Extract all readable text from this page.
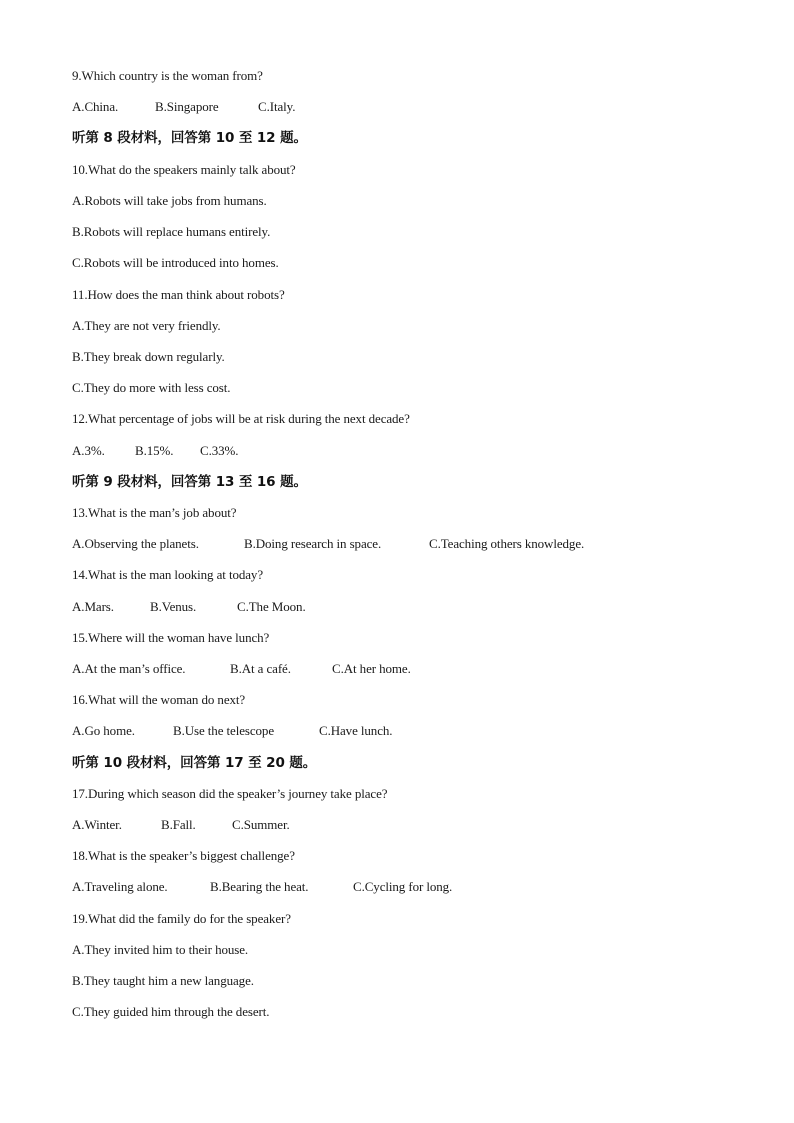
9.Which country is the woman from?
A.China.	B.Singapore	C.Italy.
听第 8 段材料，回答第 10 至 12 题。
10.What do the speakers mainly talk about?
A.Robots will take jobs from humans.
B.Robots will replace humans entirely.
C.Robots will be introduced into homes.
11.How does the man think about robots?
A.They are not very friendly.
B.They break down regularly.
C.They do more with less cost.
12.What percentage of jobs will be at risk during the next decade?
A.3%. B.15%. C.33%.
听第 9 段材料，回答第 13 至 16 题。
13.What is the man’s job about?
A.Observing the planets.	B.Doing research in space.	C.Teaching others knowledge.
14.What is the man looking at today?
A.Mars.	B.Venus.	C.The Moon.
15.Where will the woman have lunch?
A.At the man’s office.	B.At a café.	C.At her home.
16.What will the woman do next?
A.Go home.	B.Use the telescope	C.Have lunch.
听第 10 段材料，回答第 17 至 20 题。
17.During which season did the speaker’s journey take place?
A.Winter.	B.Fall.	C.Summer.
18.What is the speaker’s biggest challenge?
A.Traveling alone.	B.Bearing the heat.	C.Cycling for long.
19.What did the family do for the speaker?
A.They invited him to their house.
B.They taught him a new language.
C.They guided him through the desert.
